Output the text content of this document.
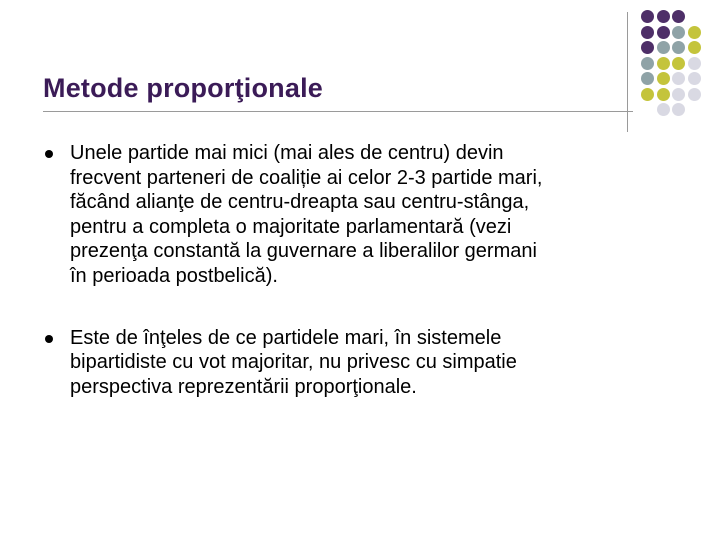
Metode proporţionale
Unele partide mai mici (mai ales de centru) devin
frecvent parteneri de coaliție ai celor 2-3 partide mari,
făcând alianţe de centru-dreapta sau centru-stânga,
pentru a completa o majoritate parlamentară (vezi
prezenţa constantă la guvernare a liberalilor germani
în perioada postbelică).
Este de înţeles de ce partidele mari, în sistemele
bipartidiste cu vot majoritar, nu privesc cu simpatie
perspectiva reprezentării proporţionale.
